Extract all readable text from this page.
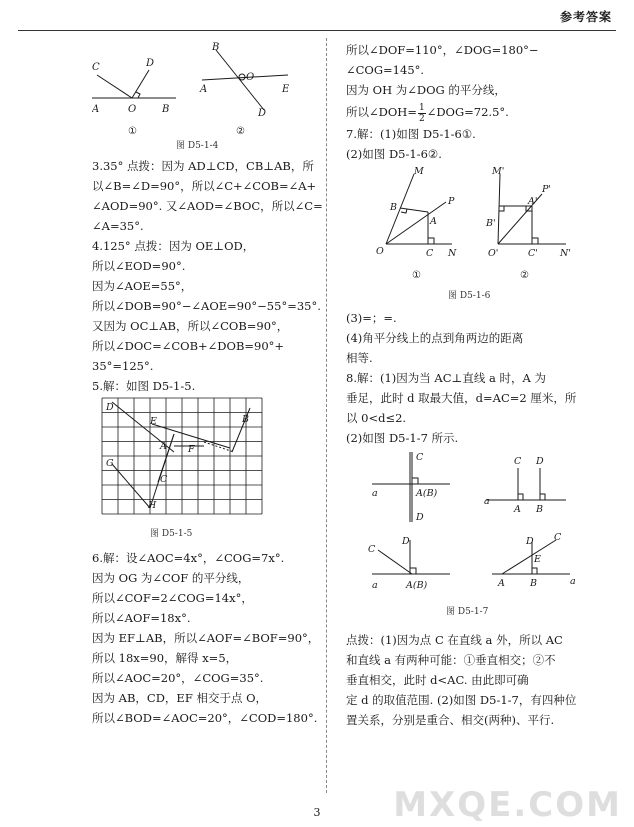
参考答案
C	D
A	O	B
B
A
O
E
D
①	②
图 D5-1-4

3.35° 点拨：因为 AD⊥CD，CB⊥AB，所

以∠B=∠D=90°，所以∠C+∠COB=∠A+

∠AOD=90°. 又∠AOD=∠BOC，所以∠C=

∠A=35°.

4.125° 点拨：因为 OE⊥OD，

所以∠EOD=90°.

因为∠AOE=55°，

所以∠DOB=90°−∠AOE=90°−55°=35°.

又因为 OC⊥AB，所以∠COB=90°，

所以∠DOC=∠COB+∠DOB=90°+

35°=125°.

5.解：如图 D5-1-5.

D
E
A F
B
G
C
H
图 D5-1-5

6.解：设∠AOC=4x°，∠COG=7x°.

因为 OG 为∠COF 的平分线，

所以∠COF=2∠COG=14x°，

所以∠AOF=18x°.

因为 EF⊥AB，所以∠AOF=∠BOF=90°，

所以 18x=90，解得 x=5，

所以∠AOC=20°，∠COG=35°.

因为 AB，CD，EF 相交于点 O，

所以∠BOD=∠AOC=20°，∠COD=180°.

所以∠DOF=110°，∠DOG=180°−

∠COG=145°.

因为 OH 为∠DOG 的平分线，

所以∠DOH= $\frac{1}{2}$ ∠DOG=72.5°.

7.解：(1)如图 D5-1-6①.

(2)如图 D5-1-6②.

M
P
B
A
O	C N
M'
P'
A'
B'
O'	C' N'
①	②
图 D5-1-6

(3)=；=.

(4)角平分线上的点到角两边的距离

相等.

8.解：(1)因为当 AC⊥直线 a 时，A 为

垂足，此时 d 取最大值，d=AC=2 厘米，所

以 0<d≤2.

(2)如图 D5-1-7 所示.

C
a	A(B)
D
C D
a
A B
C
D
a	A(B)
C
D
E
a
A	B
图 D5-1-7

点拨：(1)因为点 C 在直线 a 外，所以 AC

和直线 a 有两种可能：①垂直相交；②不

垂直相交，此时 d<AC. 由此即可确

定 d 的取值范围. (2)如图 D5-1-7，有四种位

置关系，分别是重合、相交(两种)、平行.

3	MXQE.COM
